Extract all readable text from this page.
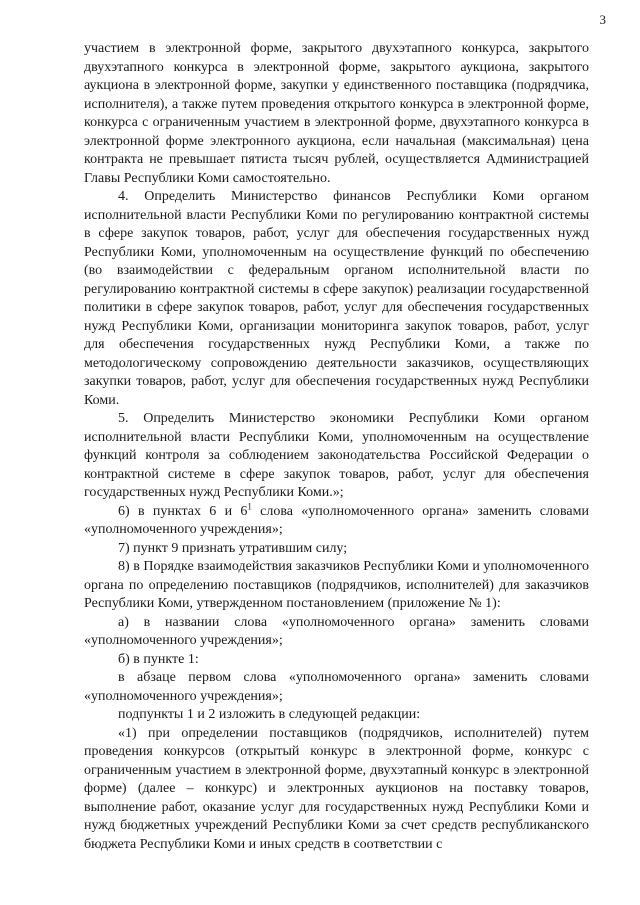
3

участием в электронной форме, закрытого двухэтапного конкурса, закрытого двухэтапного конкурса в электронной форме, закрытого аукциона, закрытого аукциона в электронной форме, закупки у единственного поставщика (подрядчика, исполнителя), а также путем проведения открытого конкурса в электронной форме, конкурса с ограниченным участием в электронной форме, двухэтапного конкурса в электронной форме электронного аукциона, если начальная (максимальная) цена контракта не превышает пятиста тысяч рублей, осуществляется Администрацией Главы Республики Коми самостоятельно.

4. Определить Министерство финансов Республики Коми органом исполнительной власти Республики Коми по регулированию контрактной системы в сфере закупок товаров, работ, услуг для обеспечения государственных нужд Республики Коми, уполномоченным на осуществление функций по обеспечению (во взаимодействии с федеральным органом исполнительной власти по регулированию контрактной системы в сфере закупок) реализации государственной политики в сфере закупок товаров, работ, услуг для обеспечения государственных нужд Республики Коми, организации мониторинга закупок товаров, работ, услуг для обеспечения государственных нужд Республики Коми, а также по методологическому сопровождению деятельности заказчиков, осуществляющих закупки товаров, работ, услуг для обеспечения государственных нужд Республики Коми.

5. Определить Министерство экономики Республики Коми органом исполнительной власти Республики Коми, уполномоченным на осуществление функций контроля за соблюдением законодательства Российской Федерации о контрактной системе в сфере закупок товаров, работ, услуг для обеспечения государственных нужд Республики Коми.»;

6) в пунктах 6 и $6^1$ слова «уполномоченного органа» заменить словами «уполномоченного учреждения»;

7) пункт 9 признать утратившим силу;

8) в Порядке взаимодействия заказчиков Республики Коми и уполномоченного органа по определению поставщиков (подрядчиков, исполнителей) для заказчиков Республики Коми, утвержденном постановлением (приложение № 1):

а) в названии слова «уполномоченного органа» заменить словами «уполномоченного учреждения»;

б) в пункте 1:

в абзаце первом слова «уполномоченного органа» заменить словами «уполномоченного учреждения»;

подпункты 1 и 2 изложить в следующей редакции:

«1) при определении поставщиков (подрядчиков, исполнителей) путем проведения конкурсов (открытый конкурс в электронной форме, конкурс с ограниченным участием в электронной форме, двухэтапный конкурс в электронной форме) (далее – конкурс) и электронных аукционов на поставку товаров, выполнение работ, оказание услуг для государственных нужд Республики Коми и нужд бюджетных учреждений Республики Коми за счет средств республиканского бюджета Республики Коми и иных средств в соответствии с
